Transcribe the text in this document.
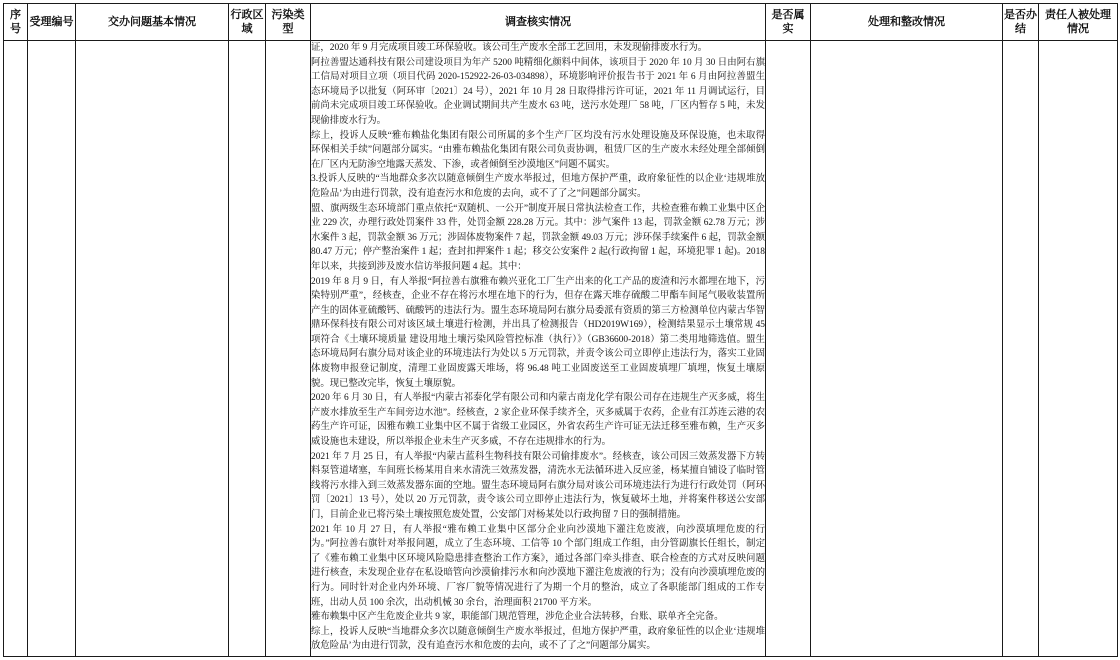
序号	受理编号	交办问题基本情况	行政区域	污染类型	调查核实情况	是否属实	处理和整改情况	是否办结	责任人被处理情况

证，2020 年 9 月完成项目竣工环保验收。该公司生产废水全部工艺回用，未发现偷排废水行为。

阿拉善盟达通科技有限公司建设项目为年产 5200 吨精细化颜料中间体，该项目于 2020 年 10 月 30 日由阿右旗工信局对项目立项（项目代码 2020-152922-26-03-034898），环境影响评价报告书于 2021 年 6 月由阿拉善盟生态环境局予以批复（阿环审〔2021〕24 号），2021 年 10 月 28 日取得排污许可证，2021 年 11 月调试运行，目前尚未完成项目竣工环保验收。企业调试期间共产生废水 63 吨，送污水处理厂 58 吨，厂区内暂存 5 吨，未发现偷排废水行为。

综上，投诉人反映“雅布赖盐化集团有限公司所属的多个生产厂区均没有污水处理设施及环保设施，也未取得环保相关手续”问题部分属实。“由雅布赖盐化集团有限公司负责协调，租赁厂区的生产废水未经处理全部倾倒在厂区内无防渗空地露天蒸发、下渗，或者倾倒至沙漠地区”问题不属实。

3.投诉人反映的“当地群众多次以随意倾倒生产废水举报过，但地方保护严重，政府象征性的以企业‘违规堆放危险品’为由进行罚款，没有追查污水和危废的去向，或不了了之”问题部分属实。

盟、旗两级生态环境部门重点依托“双随机、一公开”制度开展日常执法检查工作，共检查雅布赖工业集中区企业 229 次，办理行政处罚案件 33 件，处罚金额 228.28 万元。其中：涉气案件 13 起，罚款金额 62.78 万元；涉水案件 3 起，罚款金额 36 万元；涉固体废物案件 7 起，罚款金额 49.03 万元；涉环保手续案件 6 起，罚款金额 80.47 万元；停产整治案件 1 起；查封扣押案件 1 起；移交公安案件 2 起(行政拘留 1 起，环境犯罪 1 起)。2018 年以来，共接到涉及废水信访举报问题 4 起。其中：

2019 年 8 月 9 日，有人举报“阿拉善右旗雅布赖兴亚化工厂生产出来的化工产品的废渣和污水都埋在地下，污染特别严重”，经核查，企业不存在将污水埋在地下的行为，但存在露天堆存硫酸二甲酯车间尾气吸收装置所产生的固体亚硫酸钙、硫酸钙的违法行为。盟生态环境局阿右旗分局委派有资质的第三方检测单位内蒙古华智鼎环保科技有限公司对该区域土壤进行检测，并出具了检测报告（HD2019W169），检测结果显示土壤常规 45 项符合《土壤环境质量 建设用地土壤污染风险管控标准（执行）》（GB36600-2018）第二类用地筛选值。盟生态环境局阿右旗分局对该企业的环境违法行为处以 5 万元罚款，并责令该公司立即停止违法行为，落实工业固体废物申报登记制度，清理工业固废露天堆场，将 96.48 吨工业固废送至工业固废填埋厂填埋，恢复土壤原貌。现已整改完毕，恢复土壤原貌。

2020 年 6 月 30 日，有人举报“内蒙古祁泰化学有限公司和内蒙古南龙化学有限公司存在违规生产灭多威，将生产废水排放至生产车间旁边水池”。经核查，2 家企业环保手续齐全，灭多威属于农药，企业有江苏连云港的农药生产许可证，因雅布赖工业集中区不属于省级工业园区，外省农药生产许可证无法迁移至雅布赖，生产灭多威设施也未建设，所以举报企业未生产灭多威，不存在违规排水的行为。

2021 年 7 月 25 日，有人举报“内蒙古蓝科生物科技有限公司偷排废水”。经核查，该公司因三效蒸发器下方转料泵管道堵塞，车间班长杨某用自来水清洗三效蒸发器，清洗水无法循环进入反应釜，杨某擅自铺设了临时管线将污水排入到三效蒸发器东面的空地。盟生态环境局阿右旗分局对该公司环境违法行为进行行政处罚（阿环罚〔2021〕13 号），处以 20 万元罚款，责令该公司立即停止违法行为，恢复破坏土地，并将案件移送公安部门，目前企业已将污染土壤按照危废处置，公安部门对杨某处以行政拘留 7 日的强制措施。

2021 年 10 月 27 日，有人举报“雅布赖工业集中区部分企业向沙漠地下灌注危废液，向沙漠填埋危废的行为。”阿拉善右旗针对举报问题，成立了生态环境、工信等 10 个部门组成工作组，由分管副旗长任组长，制定了《雅布赖工业集中区环境风险隐患排查整治工作方案》，通过各部门牵头排查、联合检查的方式对反映问题进行核查，未发现企业存在私设暗管向沙漠偷排污水和向沙漠地下灌注危废液的行为；没有向沙漠填埋危废的行为。同时针对企业内外环境、厂容厂貌等情况进行了为期一个月的整治，成立了各职能部门组成的工作专班，出动人员 100 余次，出动机械 30 余台，治理面积 21700 平方米。

雅布赖集中区产生危废企业共 9 家，职能部门规范管理，涉危企业合法转移，台账、联单齐全完备。

综上，投诉人反映“当地群众多次以随意倾倒生产废水举报过，但地方保护严重，政府象征性的以企业‘违规堆放危险品’为由进行罚款，没有追查污水和危废的去向，或不了了之”问题部分属实。
